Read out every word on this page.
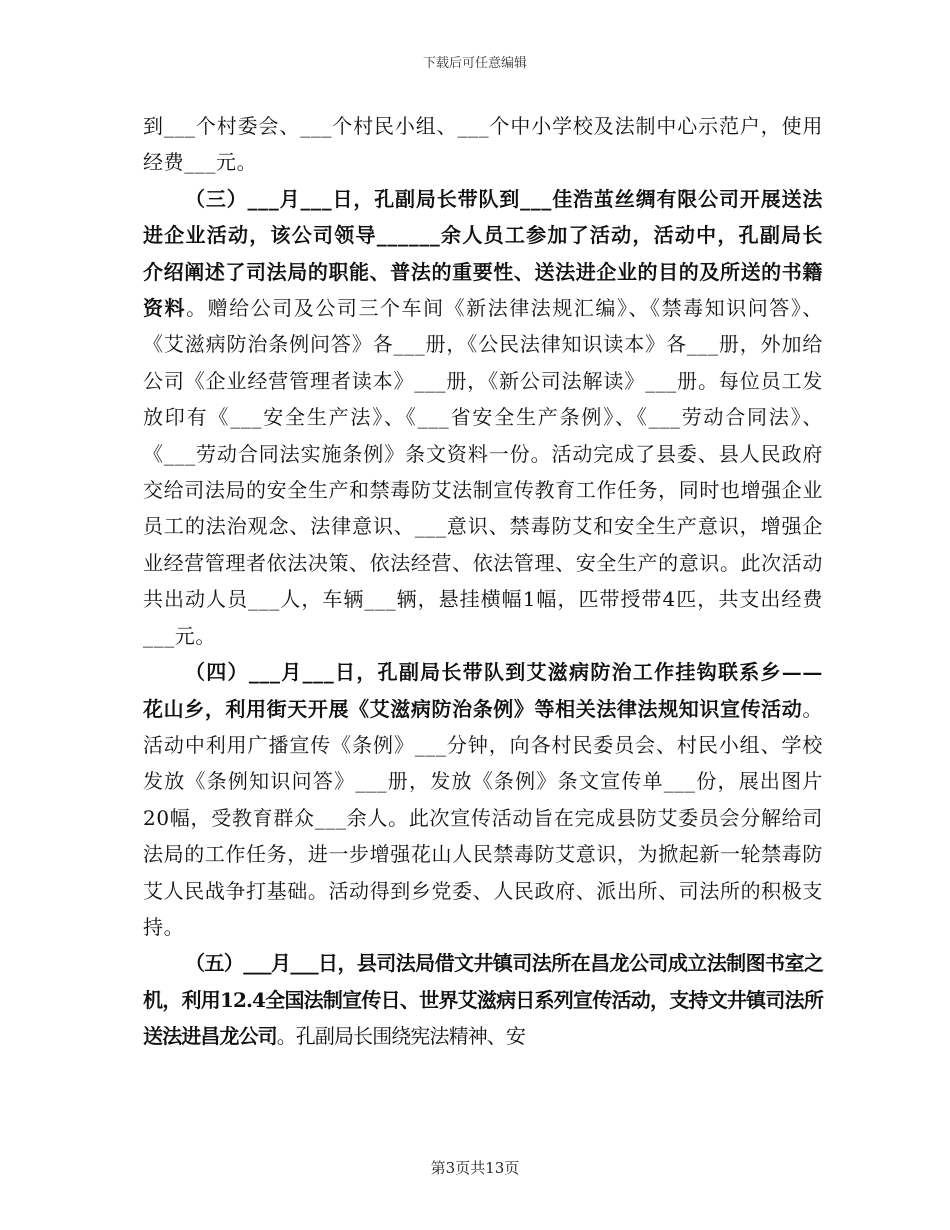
下载后可任意编辑

到___个村委会、___个村民小组、___个中小学校及法制中心示范户，使用经费___元。

（三）___月___日，孔副局长带队到___佳浩茧丝绸有限公司开展送法进企业活动，该公司领导______余人员工参加了活动，活动中，孔副局长介绍阐述了司法局的职能、普法的重要性、送法进企业的目的及所送的书籍资料。赠给公司及公司三个车间《新法律法规汇编》、《禁毒知识问答》、《艾滋病防治条例问答》各___册，《公民法律知识读本》各___册，外加给公司《企业经营管理者读本》___册，《新公司法解读》___册。每位员工发放印有《___安全生产法》、《___省安全生产条例》、《___劳动合同法》、《___劳动合同法实施条例》条文资料一份。活动完成了县委、县人民政府交给司法局的安全生产和禁毒防艾法制宣传教育工作任务，同时也增强企业员工的法治观念、法律意识、___意识、禁毒防艾和安全生产意识，增强企业经营管理者依法决策、依法经营、依法管理、安全生产的意识。此次活动共出动人员___人，车辆___辆，悬挂横幅1幅，匹带授带4匹，共支出经费___元。

（四）___月___日，孔副局长带队到艾滋病防治工作挂钩联系乡——花山乡，利用街天开展《艾滋病防治条例》等相关法律法规知识宣传活动。活动中利用广播宣传《条例》___分钟，向各村民委员会、村民小组、学校发放《条例知识问答》___册，发放《条例》条文宣传单___份，展出图片20幅，受教育群众___余人。此次宣传活动旨在完成县防艾委员会分解给司法局的工作任务，进一步增强花山人民禁毒防艾意识，为掀起新一轮禁毒防艾人民战争打基础。活动得到乡党委、人民政府、派出所、司法所的积极支持。

（五）___月___日，县司法局借文井镇司法所在昌龙公司成立法制图书室之机，利用12.4全国法制宣传日、世界艾滋病日系列宣传活动，支持文井镇司法所送法进昌龙公司。孔副局长围绕宪法精神、安

第3页共13页
